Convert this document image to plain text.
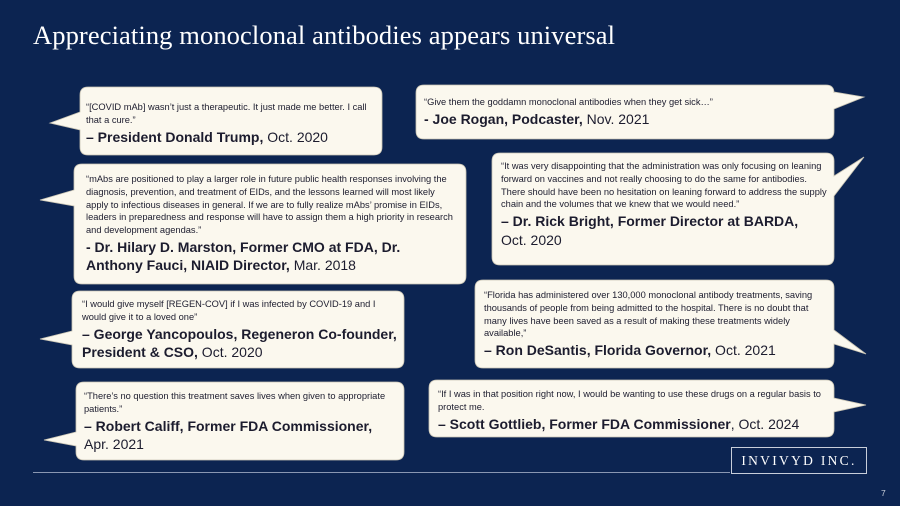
Appreciating monoclonal antibodies appears universal
“[COVID mAb] wasn’t just a therapeutic. It just made me better. I call that a cure.”
– President Donald Trump, Oct. 2020
“Give them the goddamn monoclonal antibodies when they get sick…”
- Joe Rogan, Podcaster, Nov. 2021
“mAbs are positioned to play a larger role in future public health responses involving the diagnosis, prevention, and treatment of EIDs, and the lessons learned will most likely apply to infectious diseases in general. If we are to fully realize mAbs’ promise in EIDs, leaders in preparedness and response will have to assign them a high priority in research and development agendas.”
- Dr. Hilary D. Marston, Former CMO at FDA, Dr. Anthony Fauci, NIAID Director, Mar. 2018
“It was very disappointing that the administration was only focusing on leaning forward on vaccines and not really choosing to do the same for antibodies. There should have been no hesitation on leaning forward to address the supply chain and the volumes that we knew that we would need.”
– Dr. Rick Bright, Former Director at BARDA, Oct. 2020
“I would give myself [REGEN-COV] if I was infected by COVID-19 and I would give it to a loved one”
– George Yancopoulos, Regeneron Co-founder, President & CSO, Oct. 2020
“Florida has administered over 130,000 monoclonal antibody treatments, saving thousands of people from being admitted to the hospital. There is no doubt that many lives have been saved as a result of making these treatments widely available,”
– Ron DeSantis, Florida Governor, Oct. 2021
“There’s no question this treatment saves lives when given to appropriate patients.”
– Robert Califf, Former FDA Commissioner, Apr. 2021
“If I was in that position right now, I would be wanting to use these drugs on a regular basis to protect me.
– Scott Gottlieb, Former FDA Commissioner, Oct. 2024
INVIVYD INC.
7
